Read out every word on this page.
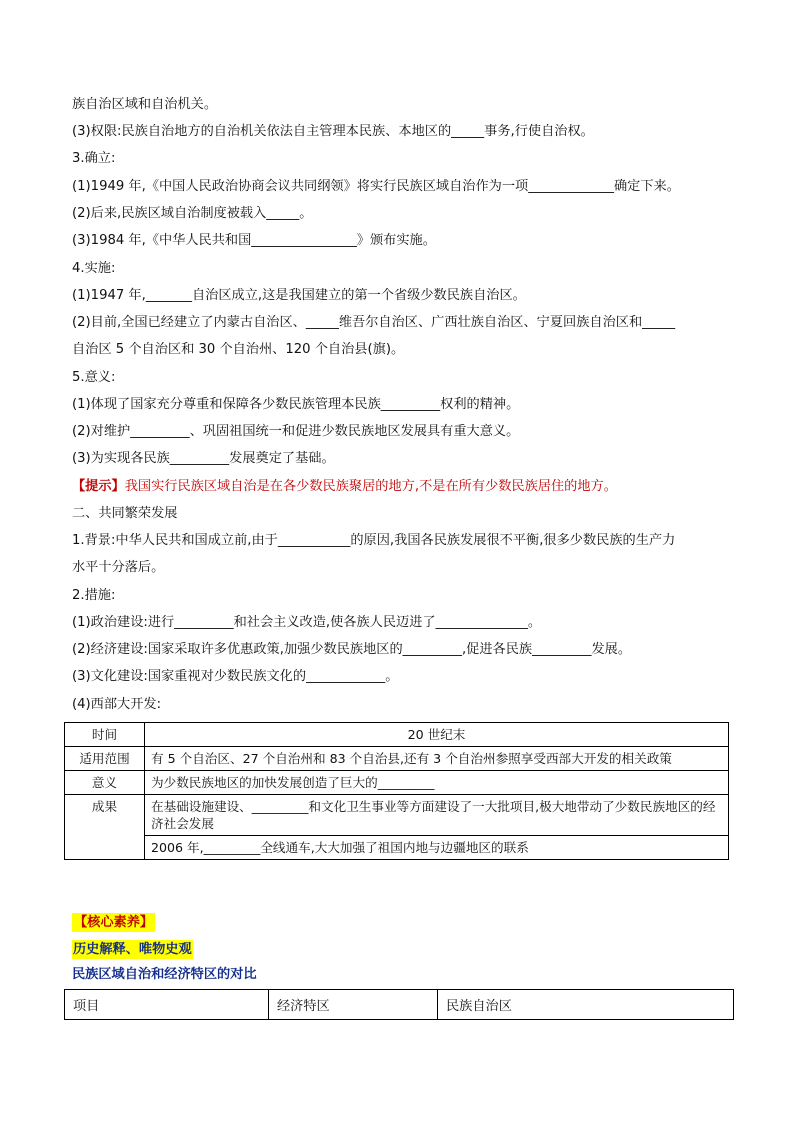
族自治区域和自治机关。
(3)权限:民族自治地方的自治机关依法自主管理本民族、本地区的_____事务,行使自治权。
3.确立:
(1)1949 年,《中国人民政治协商会议共同纲领》将实行民族区域自治作为一项_____________确定下来。
(2)后来,民族区域自治制度被载入_____。
(3)1984 年,《中华人民共和国________________》颁布实施。
4.实施:
(1)1947 年,_______自治区成立,这是我国建立的第一个省级少数民族自治区。
(2)目前,全国已经建立了内蒙古自治区、_____维吾尔自治区、广西壮族自治区、宁夏回族自治区和_____
自治区 5 个自治区和 30 个自治州、120 个自治县(旗)。
5.意义:
(1)体现了国家充分尊重和保障各少数民族管理本民族_________权利的精神。
(2)对维护_________、巩固祖国统一和促进少数民族地区发展具有重大意义。
(3)为实现各民族_________发展奠定了基础。
【提示】我国实行民族区域自治是在各少数民族聚居的地方,不是在所有少数民族居住的地方。
二、共同繁荣发展
1.背景:中华人民共和国成立前,由于___________的原因,我国各民族发展很不平衡,很多少数民族的生产力
水平十分落后。
2.措施:
(1)政治建设:进行_________和社会主义改造,使各族人民迈进了______________。
(2)经济建设:国家采取许多优惠政策,加强少数民族地区的_________,促进各民族_________发展。
(3)文化建设:国家重视对少数民族文化的____________。
(4)西部大开发:
时间	20 世纪末
适用范围	有 5 个自治区、27 个自治州和 83 个自治县,还有 3 个自治州参照享受西部大开发的相关政策
意义	为少数民族地区的加快发展创造了巨大的_________
成果	在基础设施建设、_________和文化卫生事业等方面建设了一大批项目,极大地带动了少数民族地区的经济社会发展
	2006 年,_________全线通车,大大加强了祖国内地与边疆地区的联系
【核心素养】
历史解释、唯物史观
民族区域自治和经济特区的对比
项目	经济特区	民族自治区
